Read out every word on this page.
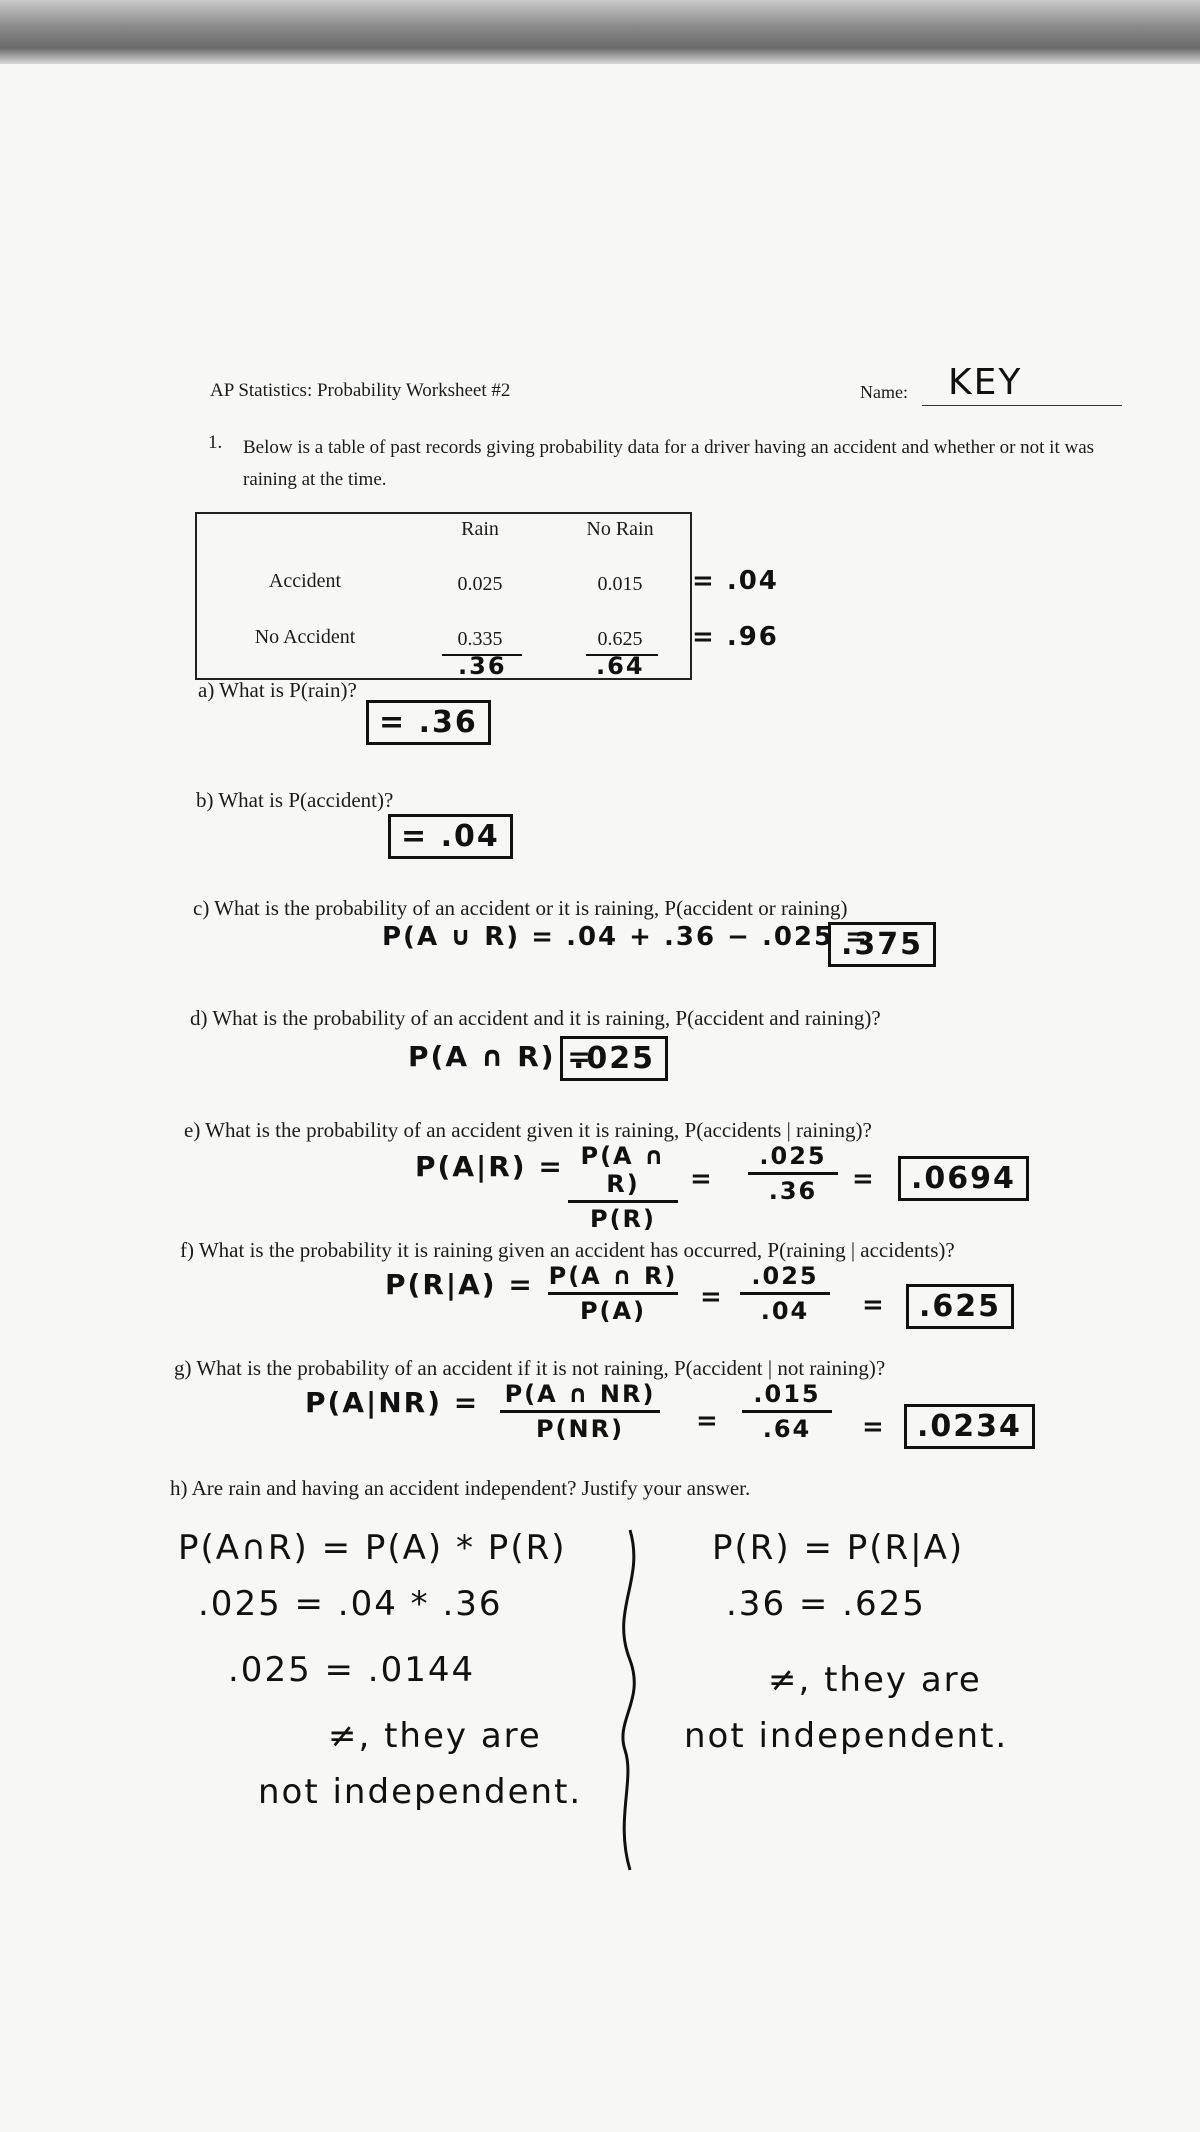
AP Statistics: Probability Worksheet #2	Name: KEY
1. Below is a table of past records giving probability data for a driver having an accident and whether or not it was raining at the time.
Rain	No Rain
Accident	0.025	0.015
No Accident	0.335	0.625
= .04
= .96
.36	.64
a) What is P(rain)?
= .36
b) What is P(accident)?
= .04
c) What is the probability of an accident or it is raining, P(accident or raining)
P(A ∪ R) = .04 + .36 − .025 =
.375
d) What is the probability of an accident and it is raining, P(accident and raining)?
P(A ∩ R) =
.025
e) What is the probability of an accident given it is raining, P(accidents | raining)?
P(A|R) = P(A ∩ R)
P(R)
=
.025
.36	=	.0694
f) What is the probability it is raining given an accident has occurred, P(raining | accidents)?
P(R|A) = P(A ∩ R)
P(A)	=
.025
.04	=	.625
g) What is the probability of an accident if it is not raining, P(accident | not raining)?
P(A|NR) = P(A ∩ NR)
P(NR)	=
.015
.64	=	.0234
h) Are rain and having an accident independent? Justify your answer.
P(A∩R) = P(A) * P(R)
.025 = .04 * .36
.025 = .0144
≠, they are
not independent.
P(R) = P(R|A)
.36 = .625
≠, they are
not independent.
